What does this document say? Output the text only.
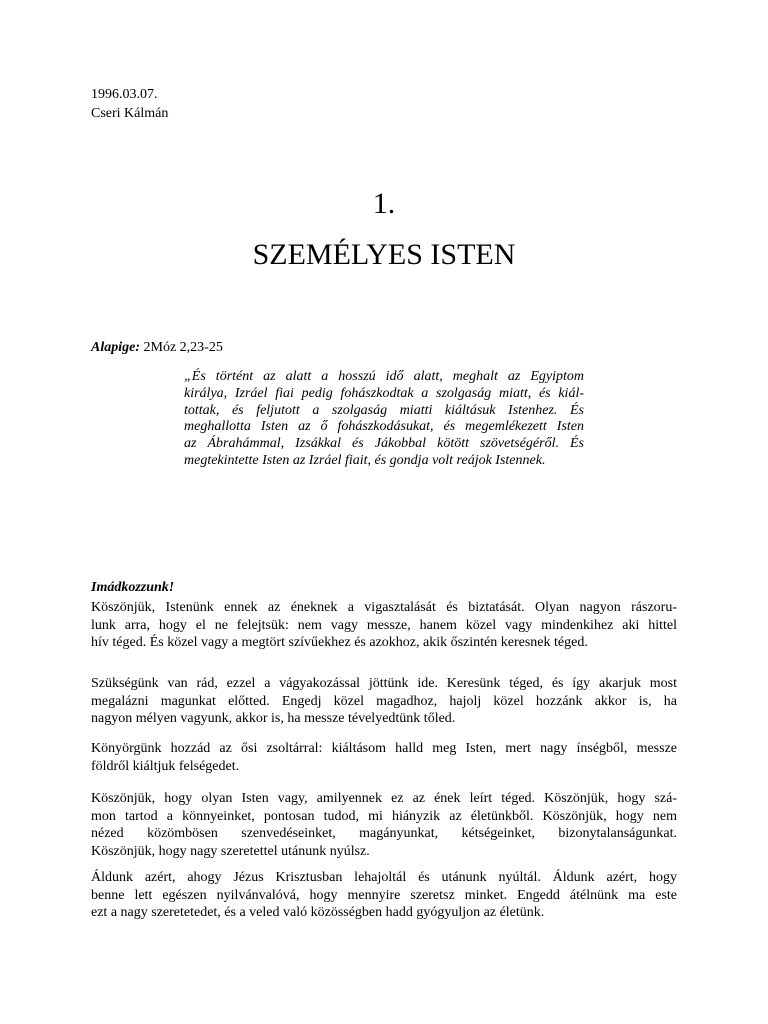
1996.03.07.
Cseri Kálmán
1.
SZEMÉLYES ISTEN
Alapige: 2Móz 2,23-25
„És történt az alatt a hosszú idő alatt, meghalt az Egyiptom
királya, Izráel fiai pedig fohászkodtak a szolgaság miatt, és kiál-
tottak, és feljutott a szolgaság miatti kiáltásuk Istenhez. És
meghallotta Isten az ő fohászkodásukat, és megemlékezett Isten
az Ábrahámmal, Izsákkal és Jákobbal kötött szövetségéről. És
megtekintette Isten az Izráel fiait, és gondja volt reájok Istennek.
Imádkozzunk!
Köszönjük, Istenünk ennek az éneknek a vigasztalását és biztatását. Olyan nagyon rászoru-
lunk arra, hogy el ne felejtsük: nem vagy messze, hanem közel vagy mindenkihez aki hittel
hív téged. És közel vagy a megtört szívűekhez és azokhoz, akik őszintén keresnek téged.
Szükségünk van rád, ezzel a vágyakozással jöttünk ide. Keresünk téged, és így akarjuk most
megalázni magunkat előtted. Engedj közel magadhoz, hajolj közel hozzánk akkor is, ha
nagyon mélyen vagyunk, akkor is, ha messze tévelyedtünk tőled.
Könyörgünk hozzád az ősi zsoltárral: kiáltásom halld meg Isten, mert nagy ínségből, messze
földről kiáltjuk felségedet.
Köszönjük, hogy olyan Isten vagy, amilyennek ez az ének leírt téged. Köszönjük, hogy szá-
mon tartod a könnyeinket, pontosan tudod, mi hiányzik az életünkből. Köszönjük, hogy nem
nézed közömbösen szenvedéseinket, magányunkat, kétségeinket, bizonytalanságunkat.
Köszönjük, hogy nagy szeretettel utánunk nyúlsz.
Áldunk azért, ahogy Jézus Krisztusban lehajoltál és utánunk nyúltál. Áldunk azért, hogy
benne lett egészen nyilvánvalóvá, hogy mennyire szeretsz minket. Engedd átélnünk ma este
ezt a nagy szeretetedet, és a veled való közösségben hadd gyógyuljon az életünk.
